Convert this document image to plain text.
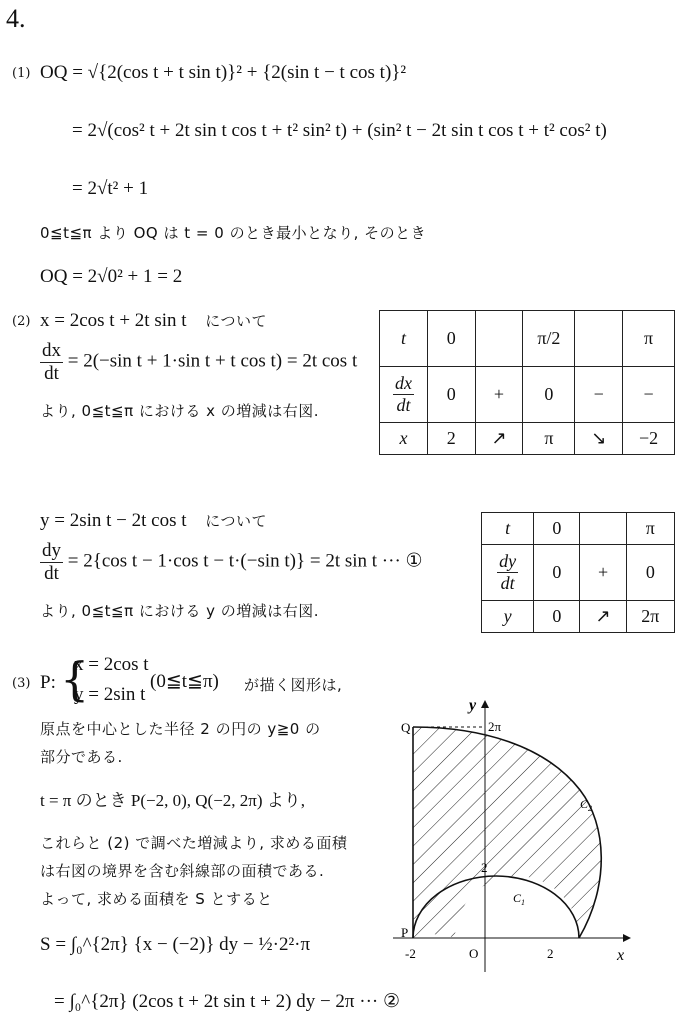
4.
(1) OQ = √{2(cos t + t sin t)}² + {2(sin t − t cos t)}²
= 2√(cos² t + 2t sin t cos t + t² sin² t) + (sin² t − 2t sin t cos t + t² cos² t)
= 2√t² + 1
0≦t≦π より OQ は t = 0 のとき最小となり, そのとき
OQ = 2√0² + 1 = 2
(2) x = 2cos t + 2t sin t について
$\frac{dx}{dt} = 2(-\sin$ t + 1·sin t + t cos t) = 2t cos t
より, 0≦t≦π における x の増減は右図.
t	0		π/2		π

$\frac{dx}{dt}$	0	+	0	−	−
x	2	↗	π	↘	−2
y = 2sin t − 2t cos t について
$\frac{dy}{dt} = 2\{\cos$ t − 1·cos t − t·(−sin t)} = 2t sin t ··· ①
より, 0≦t≦π における y の増減は右図.
t	0		π

$\frac{dy}{dt}$	0	+	0
y	0	↗	2π
(3) P: {
x = 2cos t
y = 2sin t
(0≦t≦π) が描く図形は,
原点を中心とした半径 2 の円の y≧0 の
部分である.
t = π のとき P(−2, 0), Q(−2, 2π) より,
これらと (2) で調べた増減より, 求める面積
は右図の境界を含む斜線部の面積である.
よって, 求める面積を S とすると
S = ∫₀^{2π} {x − (−2)} dy − ½·2²·π
= ∫₀^{2π} (2cos t + 2t sin t + 2) dy − 2π ··· ②
y
x
Q
P
O
2π
2
2
-2
$C_1$
$C_2$
